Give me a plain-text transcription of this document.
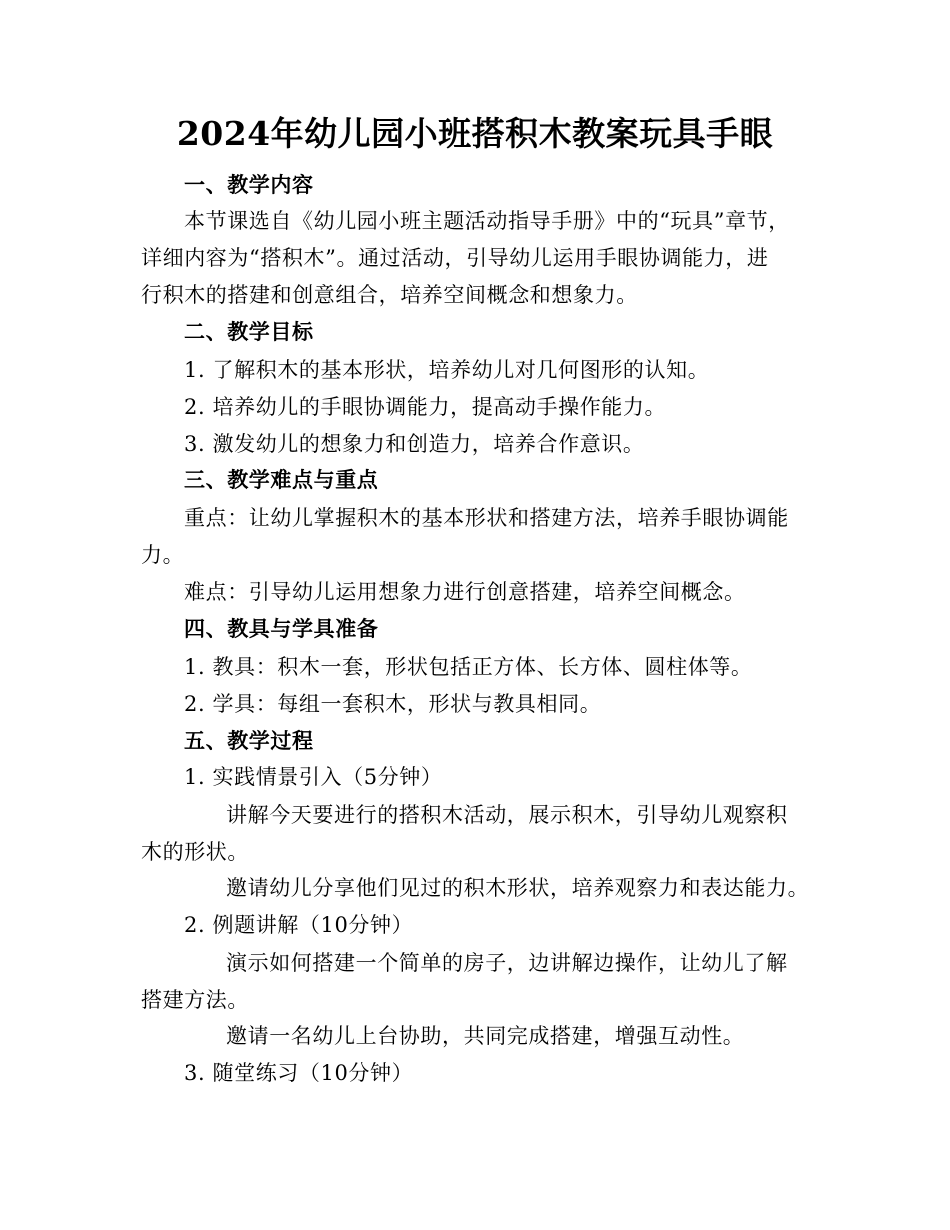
2024年幼儿园小班搭积木教案玩具手眼
一、教学内容
本节课选自《幼儿园小班主题活动指导手册》中的“玩具”章节，
详细内容为“搭积木”。通过活动，引导幼儿运用手眼协调能力，进
行积木的搭建和创意组合，培养空间概念和想象力。
二、教学目标
1. 了解积木的基本形状，培养幼儿对几何图形的认知。
2. 培养幼儿的手眼协调能力，提高动手操作能力。
3. 激发幼儿的想象力和创造力，培养合作意识。
三、教学难点与重点
重点：让幼儿掌握积木的基本形状和搭建方法，培养手眼协调能
力。
难点：引导幼儿运用想象力进行创意搭建，培养空间概念。
四、教具与学具准备
1. 教具：积木一套，形状包括正方体、长方体、圆柱体等。
2. 学具：每组一套积木，形状与教具相同。
五、教学过程
1. 实践情景引入（5分钟）
讲解今天要进行的搭积木活动，展示积木，引导幼儿观察积
木的形状。
邀请幼儿分享他们见过的积木形状，培养观察力和表达能力。
2. 例题讲解（10分钟）
演示如何搭建一个简单的房子，边讲解边操作，让幼儿了解
搭建方法。
邀请一名幼儿上台协助，共同完成搭建，增强互动性。
3. 随堂练习（10分钟）
